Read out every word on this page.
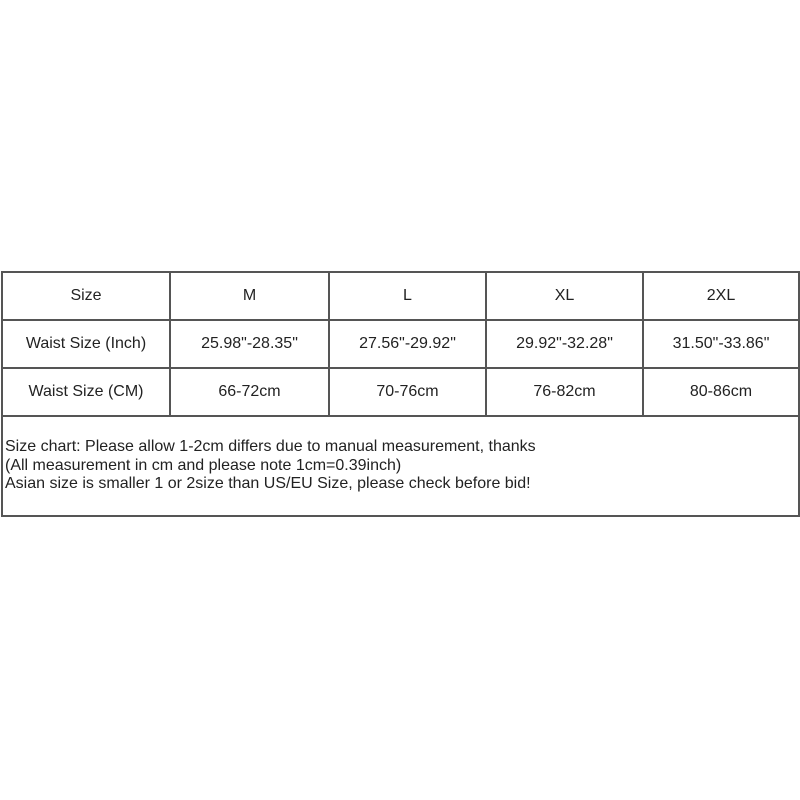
Size	M	L	XL	2XL
Waist Size (Inch)	25.98"-28.35"	27.56"-29.92"	29.92"-32.28"	31.50"-33.86"
Waist Size (CM)	66-72cm	70-76cm	76-82cm	80-86cm

Size chart: Please allow 1-2cm differs due to manual measurement, thanks
(All measurement in cm and please note 1cm=0.39inch)
Asian size is smaller 1 or 2size than US/EU Size, please check before bid!				
